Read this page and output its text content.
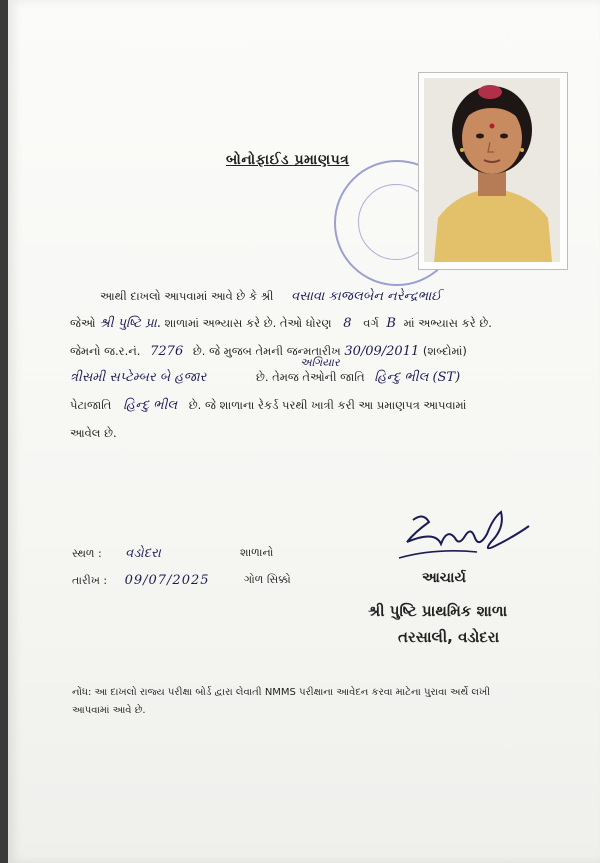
બોનોફાઈડ પ્રમાણપત્ર
આથી દાખલો આપવામાં આવે છે કે શ્રી વસાવા કાજલબેન નરેન્દ્રભાઈ
જેઓ શ્રી પુષ્ટિ પ્રા. શાળામાં અભ્યાસ કરે છે. તેઓ ધોરણ 8 વર્ગ B માં અભ્યાસ કરે છે.
જેમનો જ.ર.નં. 7276 છે. જે મુજબ તેમની જન્મતારીખ 30/09/2011 (શબ્દોમાં)
અગિયાર
ત્રીસમી સપ્ટેમ્બર બે હજાર	છે. તેમજ તેઓની જાતિ હિન્દુ ભીલ (ST)
પેટાજાતિ હિન્દુ ભીલ છે. જે શાળાના રેકર્ડ પરથી ખાત્રી કરી આ પ્રમાણપત્ર આપવામાં
આવેલ છે.
સ્થળ : વડોદરા	શાળાનો
તારીખ : 09/07/2025	ગોળ સિક્કો	આચાર્ય
શ્રી પુષ્ટિ પ્રાથમિક શાળા
તરસાલી, વડોદરા
નોંધ: આ દાખલો રાજ્ય પરીક્ષા બોર્ડ દ્વારા લેવાતી NMMS પરીક્ષાના આવેદન કરવા માટેના પુરાવા અર્થે લખી
આપવામાં આવે છે.
